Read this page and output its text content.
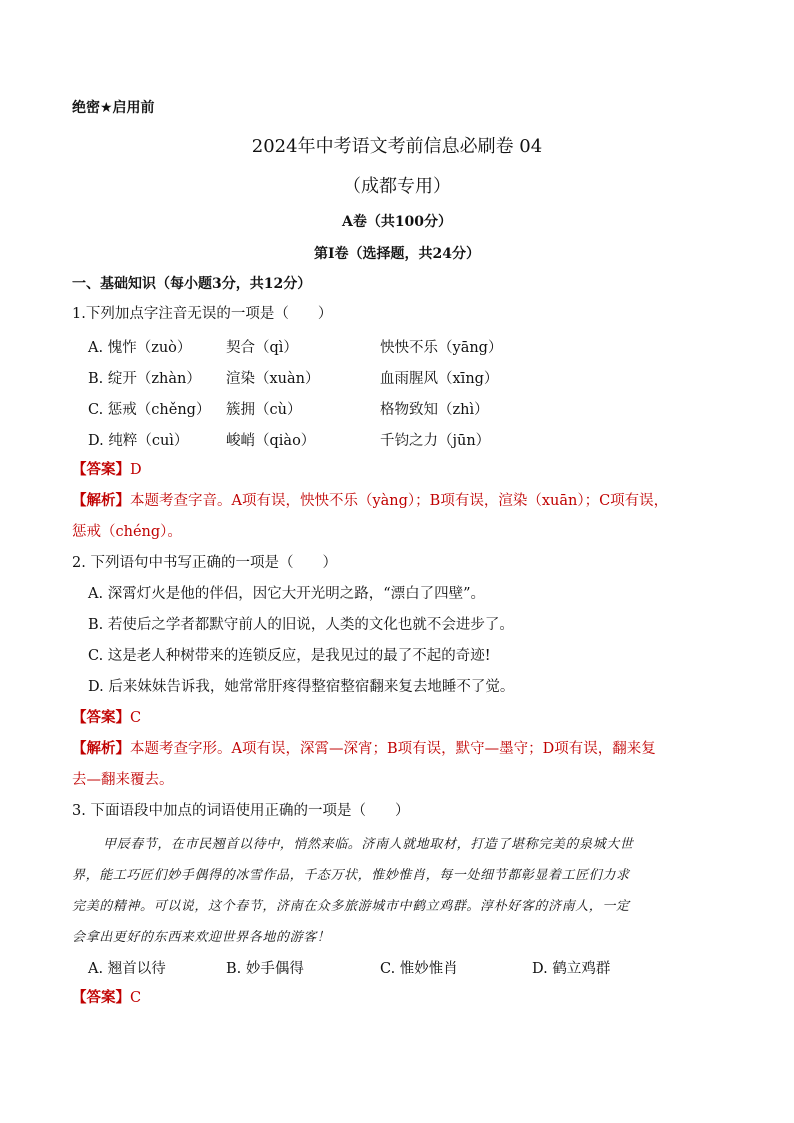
绝密★启用前
2024年中考语文考前信息必刷卷 04
（成都专用）
A卷（共100分）
第Ⅰ卷（选择题，共24分）
一、基础知识（每小题3分，共12分）
1.下列加点字注音无误的一项是（　　）
A. 愧怍（zuò） 契合（qì）	怏怏不乐（yāng）
B. 绽开（zhàn） 渲染（xuàn）	血雨腥风（xīng）
C. 惩戒（chěng） 簇拥（cù）	格物致知（zhì）
D. 纯粹（cuì）	峻峭（qiào）	千钧之力（jūn）
【答案】D
【解析】本题考查字音。A项有误，怏怏不乐（yàng）；B项有误，渲染（xuān）；C项有误，
惩戒（chéng）。
2. 下列语句中书写正确的一项是（　　）
A. 深霄灯火是他的伴侣，因它大开光明之路，“漂白了四壁”。
B. 若使后之学者都默守前人的旧说，人类的文化也就不会进步了。
C. 这是老人种树带来的连锁反应，是我见过的最了不起的奇迹!
D. 后来妹妹告诉我，她常常肝疼得整宿整宿翻来复去地睡不了觉。
【答案】C
【解析】本题考查字形。A项有误，深霄—深宵；B项有误，默守—墨守；D项有误，翻来复
去—翻来覆去。
3. 下面语段中加点的词语使用正确的一项是（　　）
甲辰春节，在市民翘首以待中，悄然来临。济南人就地取材，打造了堪称完美的泉城大世
界，能工巧匠们妙手偶得的冰雪作品，千态万状，惟妙惟肖，每一处细节都彰显着工匠们力求
完美的精神。可以说，这个春节，济南在众多旅游城市中鹤立鸡群。淳朴好客的济南人，一定
会拿出更好的东西来欢迎世界各地的游客！
A. 翘首以待	B. 妙手偶得	C. 惟妙惟肖	D. 鹤立鸡群
【答案】C
